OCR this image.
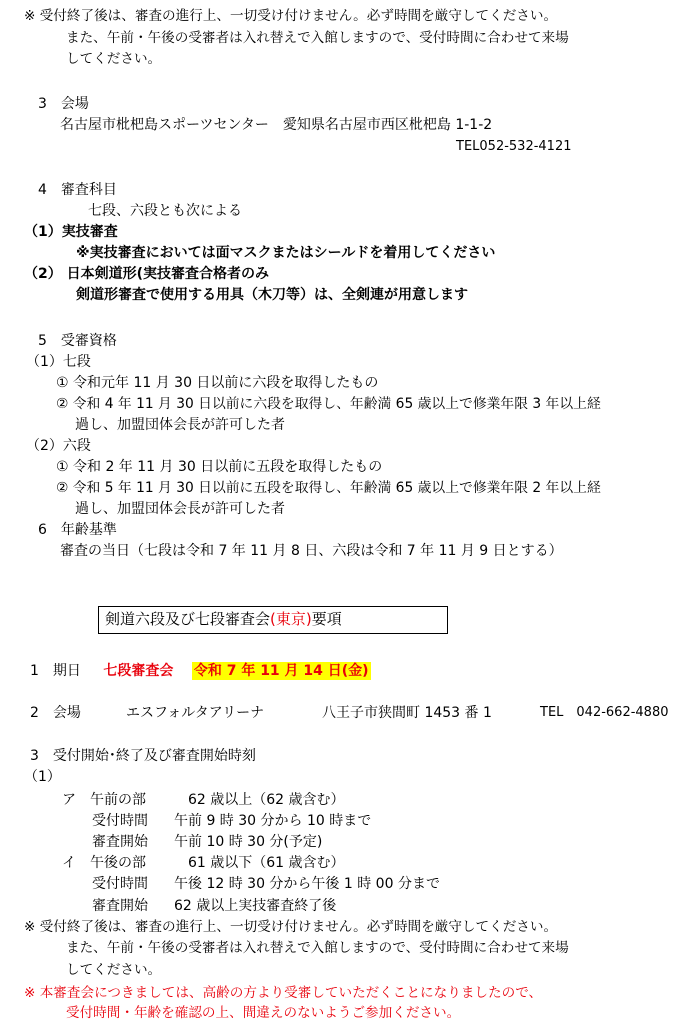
※ 受付終了後は、審査の進行上、一切受け付けません。必ず時間を厳守してください。
また、午前・午後の受審者は入れ替えで入館しますので、受付時間に合わせて来場
してください。
3　会場
名古屋市枇杷島スポーツセンター　愛知県名古屋市西区枇杷島 1-1-2
TEL052-532-4121
4　審査科目
七段、六段とも次による
（1）実技審査
※実技審査においては面マスクまたはシールドを着用してください
（2） 日本剣道形(実技審査合格者のみ
剣道形審査で使用する用具（木刀等）は、全剣連が用意します
5　受審資格
（1）七段
① 令和元年 11 月 30 日以前に六段を取得したもの
② 令和 4 年 11 月 30 日以前に六段を取得し、年齢満 65 歳以上で修業年限 3 年以上経
過し、加盟団体会長が許可した者
（2）六段
① 令和 2 年 11 月 30 日以前に五段を取得したもの
② 令和 5 年 11 月 30 日以前に五段を取得し、年齢満 65 歳以上で修業年限 2 年以上経
過し、加盟団体会長が許可した者
6　年齢基準
審査の当日（七段は令和 7 年 11 月 8 日、六段は令和 7 年 11 月 9 日とする）
剣道六段及び七段審査会(東京)要項
1　期日 七段審査会 令和 7 年 11 月 14 日(金)
2　会場	エスフォルタアリーナ	八王子市狭間町 1453 番 1	TEL　042-662-4880
3　受付開始･終了及び審査開始時刻
（1）
ア　午前の部	62 歳以上（62 歳含む）
受付時間 午前 9 時 30 分から 10 時まで
審査開始 午前 10 時 30 分(予定)
イ　午後の部	61 歳以下（61 歳含む）
受付時間 午後 12 時 30 分から午後 1 時 00 分まで
審査開始 62 歳以上実技審査終了後
※ 受付終了後は、審査の進行上、一切受け付けません。必ず時間を厳守してください。
また、午前・午後の受審者は入れ替えで入館しますので、受付時間に合わせて来場
してください。
※ 本審査会につきましては、高齢の方より受審していただくことになりましたので、
受付時間・年齢を確認の上、間違えのないようご参加ください。
